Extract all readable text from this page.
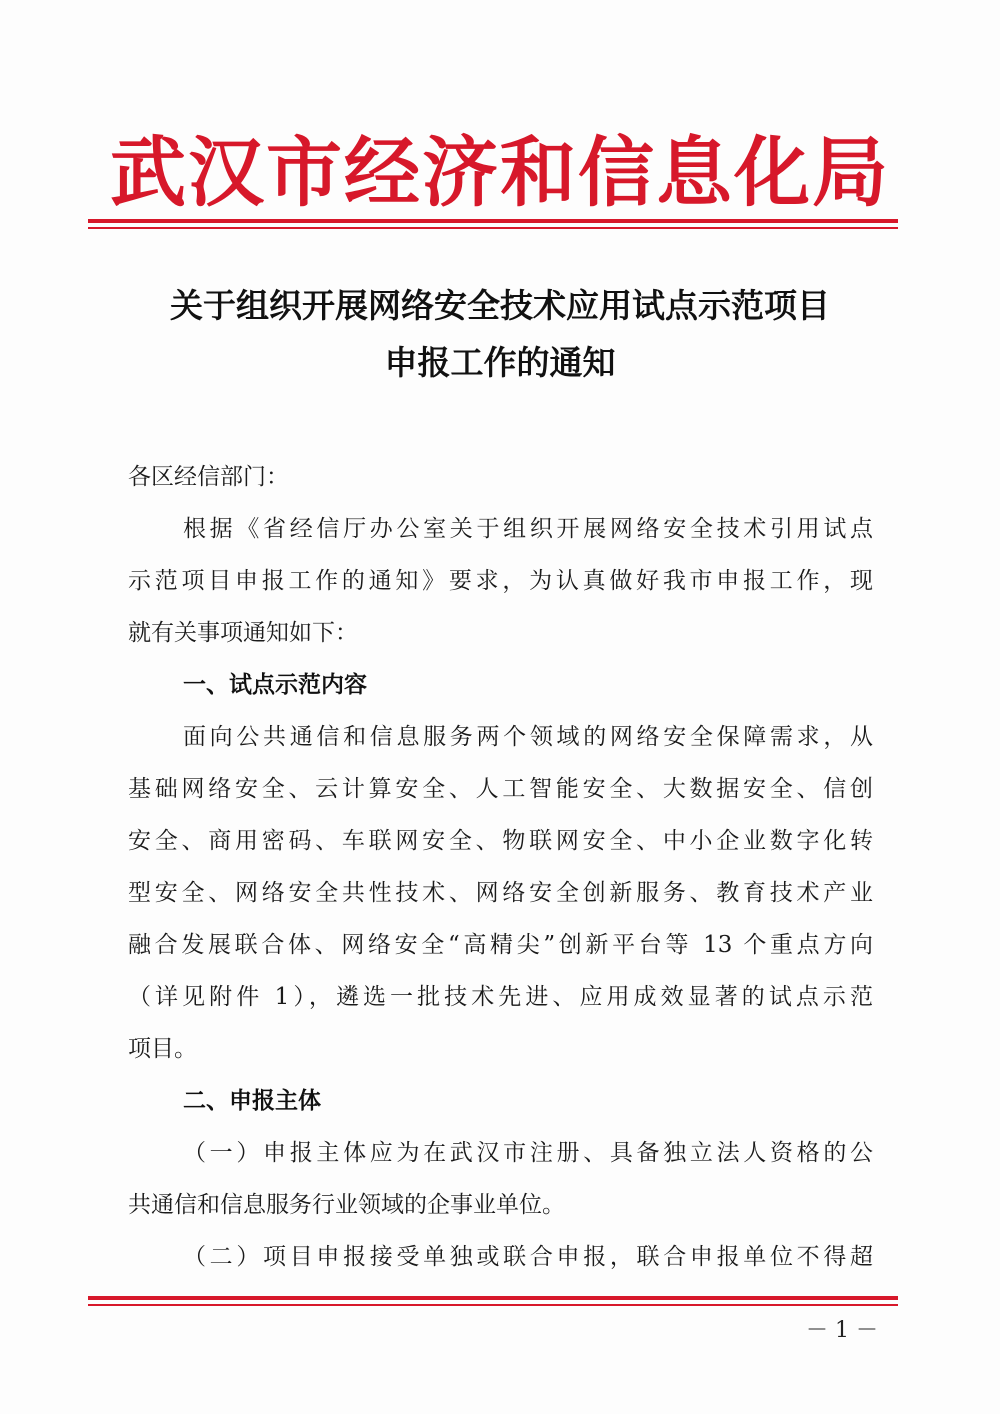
武汉市经济和信息化局
关于组织开展网络安全技术应用试点示范项目
申报工作的通知
各区经信部门：
根据《省经信厅办公室关于组织开展网络安全技术引用试点
示范项目申报工作的通知》要求，为认真做好我市申报工作，现
就有关事项通知如下：
一、试点示范内容
面向公共通信和信息服务两个领域的网络安全保障需求，从
基础网络安全、云计算安全、人工智能安全、大数据安全、信创
安全、商用密码、车联网安全、物联网安全、中小企业数字化转
型安全、网络安全共性技术、网络安全创新服务、教育技术产业
融合发展联合体、网络安全“高精尖”创新平台等 13 个重点方向
（详见附件 1），遴选一批技术先进、应用成效显著的试点示范
项目。
二、申报主体
（一）申报主体应为在武汉市注册、具备独立法人资格的公
共通信和信息服务行业领域的企事业单位。
（二）项目申报接受单独或联合申报，联合申报单位不得超
－ 1 －
